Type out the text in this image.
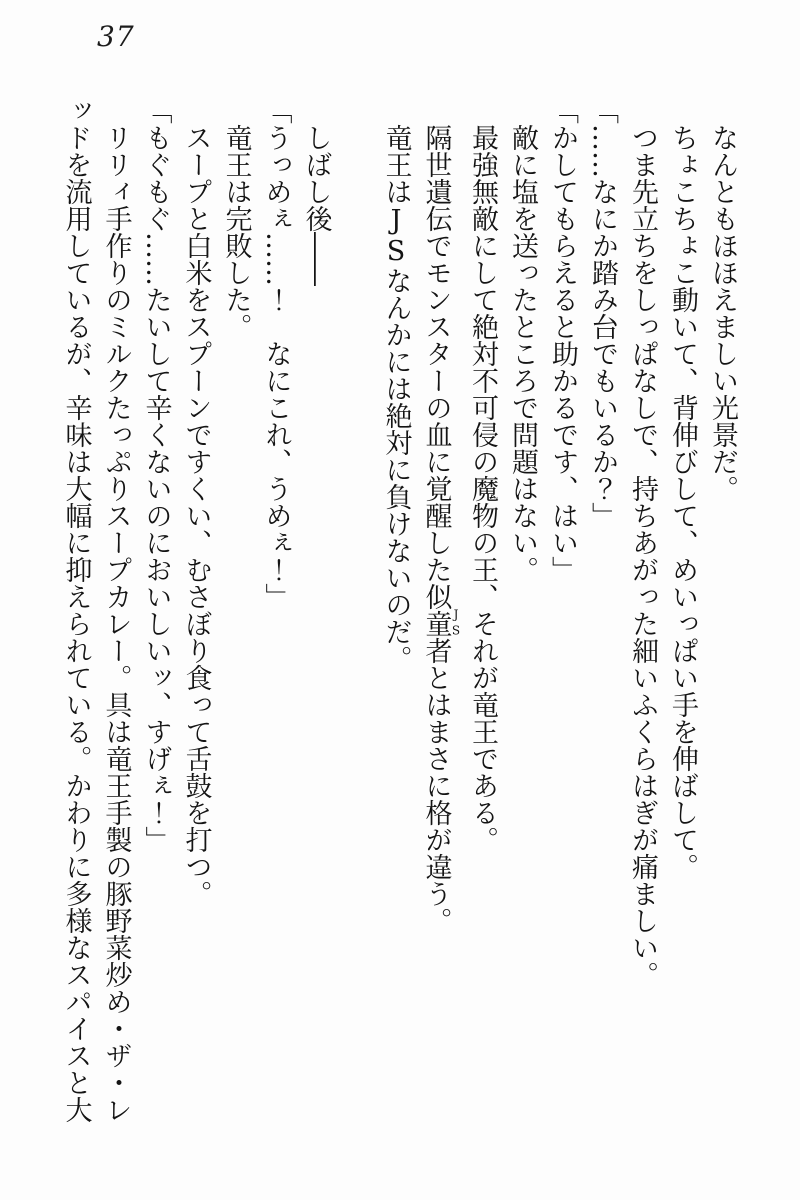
37

なんともほほえましい光景だ。

ちょこちょこ動いて、背伸びして、めいっぱい手を伸ばして。

つま先立ちをしっぱなしで、持ちあがった細いふくらはぎが痛ましい。

「……なにか踏み台でもいるか？」

「かしてもらえると助かるです、はい」

敵に塩を送ったところで問題はない。

最強無敵にして絶対不可侵の魔物の王、それが竜王である。

隔世遺伝でモンスターの血に覚醒した似童者JSとはまさに格が違う。

竜王はJSなんかには絶対に負けないのだ。

しばし後――

「うっめぇ……！　なにこれ、うめぇ！」

竜王は完敗した。

スープと白米をスプーンですくい、むさぼり食って舌鼓を打つ。

「もぐもぐ……たいして辛くないのにおいしいッ、すげぇ！」

リリィ手作りのミルクたっぷりスープカレー。具は竜王手製の豚野菜炒め・ザ・レッドを流用しているが、辛味は大幅に抑えられている。かわりに多様なスパイスと大
